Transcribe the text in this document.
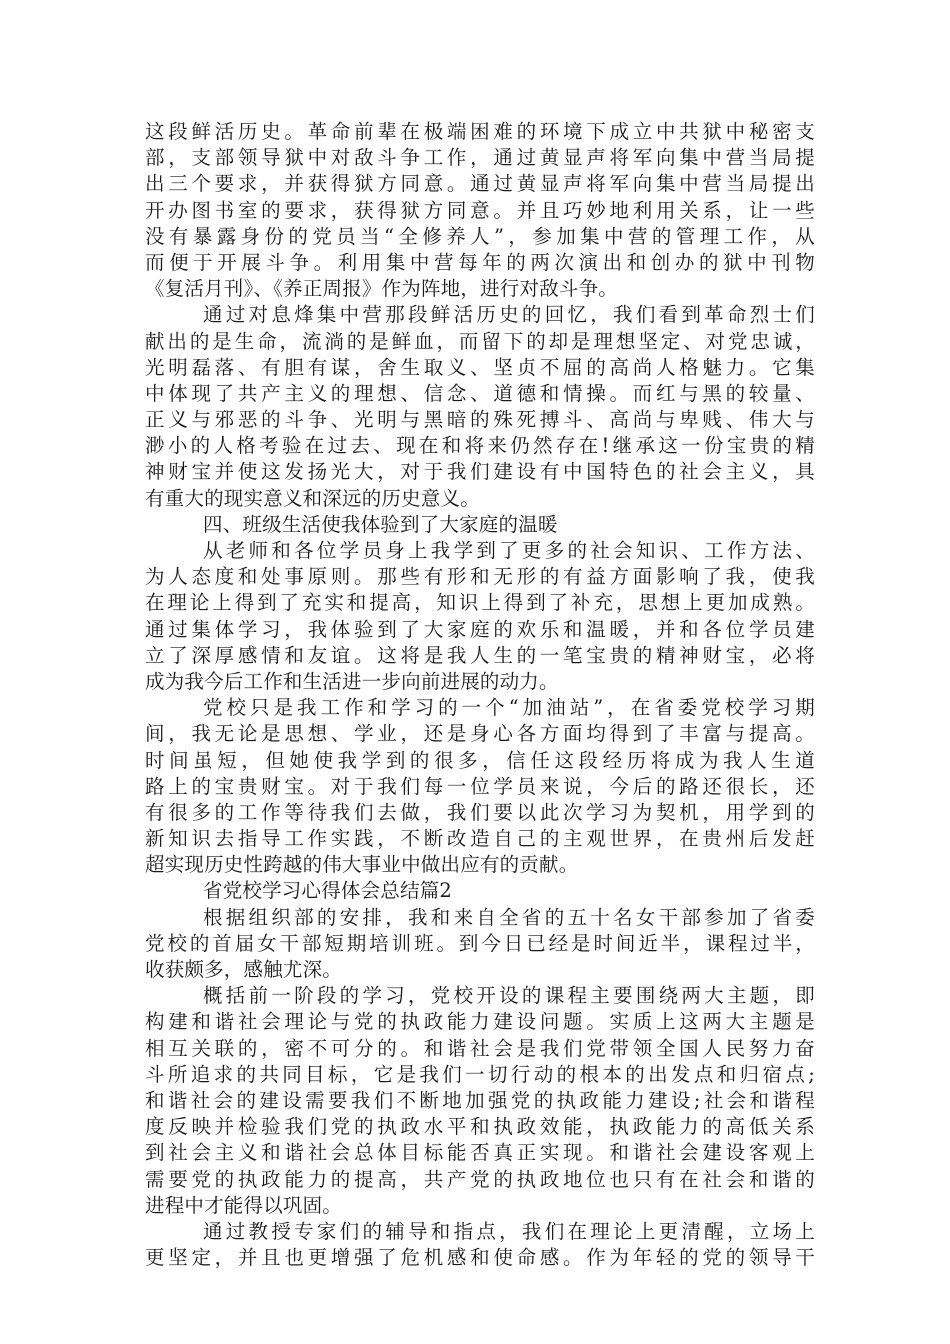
这段鲜活历史。革命前辈在极端困难的环境下成立中共狱中秘密支
部，支部领导狱中对敌斗争工作，通过黄显声将军向集中营当局提
出三个要求，并获得狱方同意。通过黄显声将军向集中营当局提出
开办图书室的要求，获得狱方同意。并且巧妙地利用关系，让一些
没有暴露身份的党员当“全修养人”，参加集中营的管理工作，从
而便于开展斗争。利用集中营每年的两次演出和创办的狱中刊物
《复活月刊》、《养正周报》作为阵地，进行对敌斗争。
通过对息烽集中营那段鲜活历史的回忆，我们看到革命烈士们
献出的是生命，流淌的是鲜血，而留下的却是理想坚定、对党忠诚，
光明磊落、有胆有谋，舍生取义、坚贞不屈的高尚人格魅力。它集
中体现了共产主义的理想、信念、道德和情操。而红与黑的较量、
正义与邪恶的斗争、光明与黑暗的殊死搏斗、高尚与卑贱、伟大与
渺小的人格考验在过去、现在和将来仍然存在!继承这一份宝贵的精
神财宝并使这发扬光大，对于我们建设有中国特色的社会主义，具
有重大的现实意义和深远的历史意义。
四、班级生活使我体验到了大家庭的温暖
从老师和各位学员身上我学到了更多的社会知识、工作方法、
为人态度和处事原则。那些有形和无形的有益方面影响了我，使我
在理论上得到了充实和提高，知识上得到了补充，思想上更加成熟。
通过集体学习，我体验到了大家庭的欢乐和温暖，并和各位学员建
立了深厚感情和友谊。这将是我人生的一笔宝贵的精神财宝，必将
成为我今后工作和生活进一步向前进展的动力。
党校只是我工作和学习的一个“加油站”，在省委党校学习期
间，我无论是思想、学业，还是身心各方面均得到了丰富与提高。
时间虽短，但她使我学到的很多，信任这段经历将成为我人生道
路上的宝贵财宝。对于我们每一位学员来说，今后的路还很长，还
有很多的工作等待我们去做，我们要以此次学习为契机，用学到的
新知识去指导工作实践，不断改造自己的主观世界，在贵州后发赶
超实现历史性跨越的伟大事业中做出应有的贡献。
省党校学习心得体会总结篇2
根据组织部的安排，我和来自全省的五十名女干部参加了省委
党校的首届女干部短期培训班。到今日已经是时间近半，课程过半，
收获颇多，感触尤深。
概括前一阶段的学习，党校开设的课程主要围绕两大主题，即
构建和谐社会理论与党的执政能力建设问题。实质上这两大主题是
相互关联的，密不可分的。和谐社会是我们党带领全国人民努力奋
斗所追求的共同目标，它是我们一切行动的根本的出发点和归宿点;
和谐社会的建设需要我们不断地加强党的执政能力建设;社会和谐程
度反映并检验我们党的执政水平和执政效能，执政能力的高低关系
到社会主义和谐社会总体目标能否真正实现。和谐社会建设客观上
需要党的执政能力的提高，共产党的执政地位也只有在社会和谐的
进程中才能得以巩固。
通过教授专家们的辅导和指点，我们在理论上更清醒，立场上
更坚定，并且也更增强了危机感和使命感。作为年轻的党的领导干
